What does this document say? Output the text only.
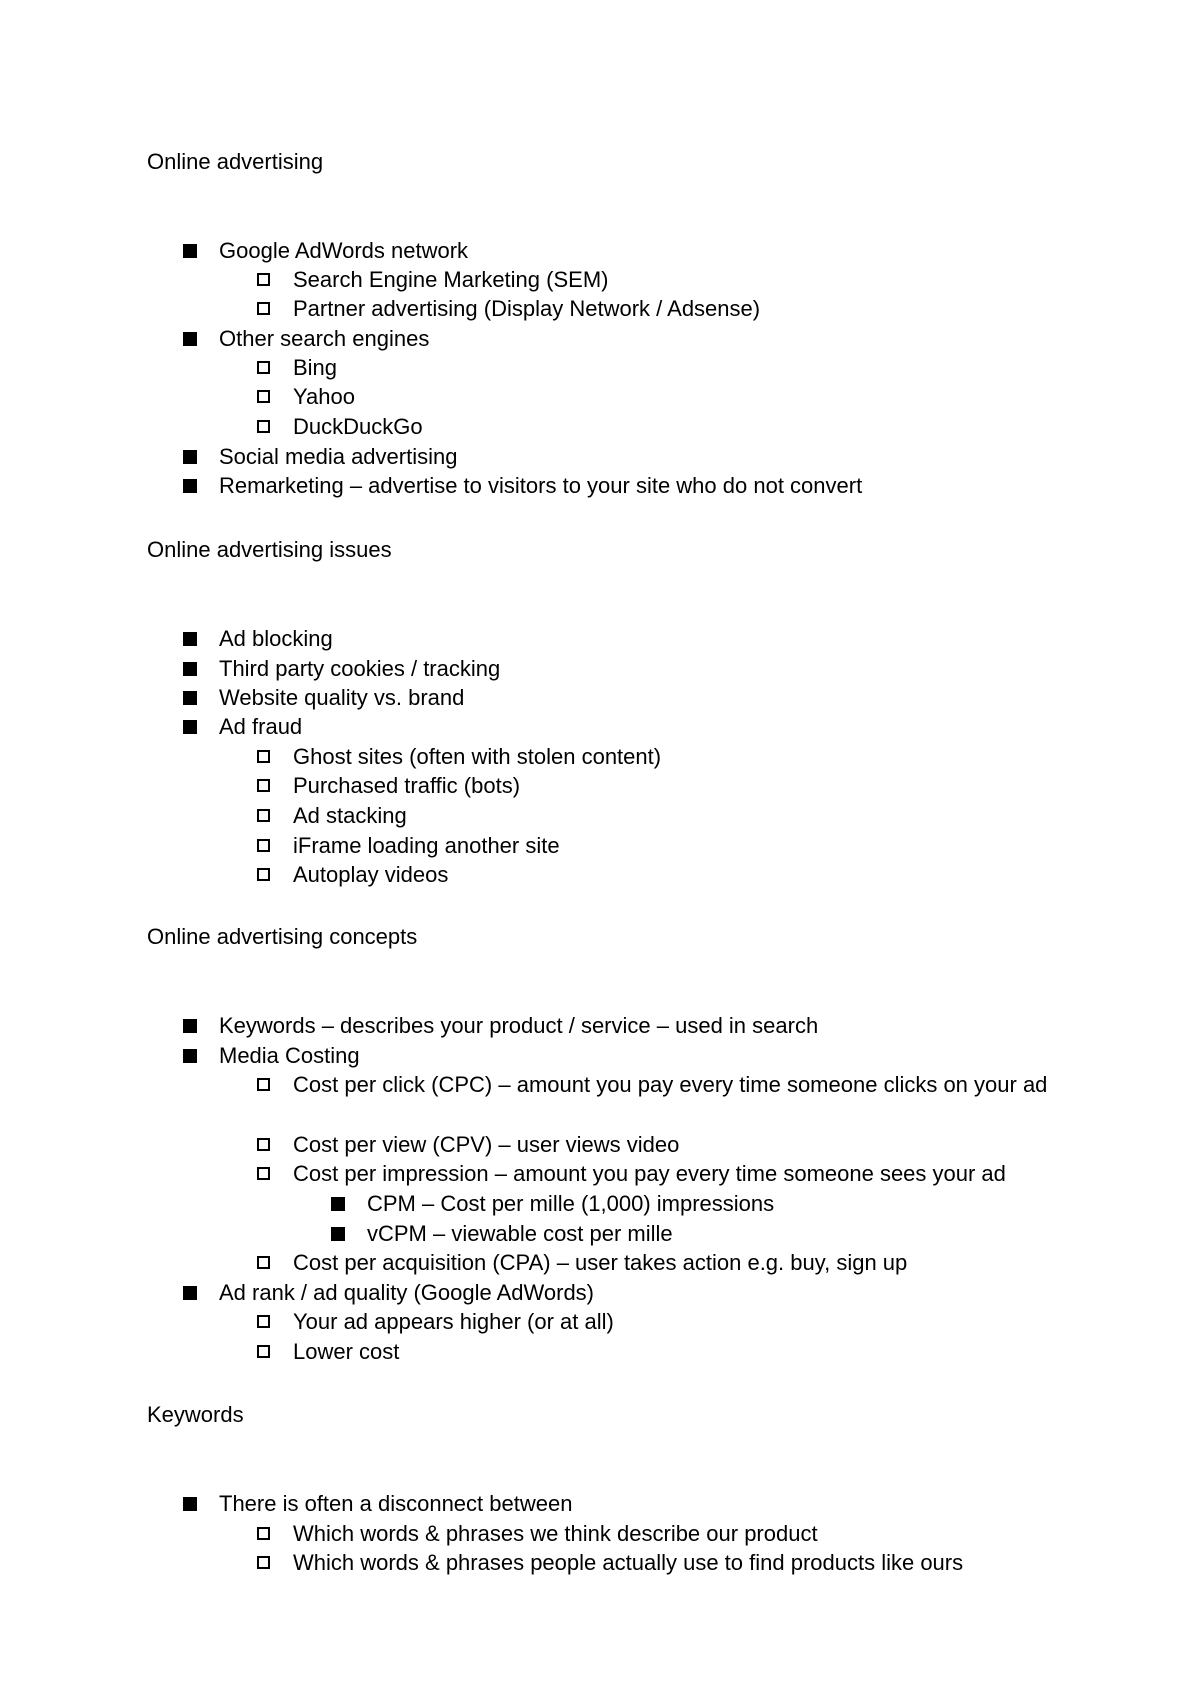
Online advertising
Google AdWords network
Search Engine Marketing (SEM)
Partner advertising (Display Network / Adsense)
Other search engines
Bing
Yahoo
DuckDuckGo
Social media advertising
Remarketing – advertise to visitors to your site who do not convert
Online advertising issues
Ad blocking
Third party cookies / tracking
Website quality vs. brand
Ad fraud
Ghost sites (often with stolen content)
Purchased traffic (bots)
Ad stacking
iFrame loading another site
Autoplay videos
Online advertising concepts
Keywords – describes your product / service – used in search
Media Costing
Cost per click (CPC) – amount you pay every time someone clicks on your ad
Cost per view (CPV) – user views video
Cost per impression – amount you pay every time someone sees your ad
CPM – Cost per mille (1,000) impressions
vCPM – viewable cost per mille
Cost per acquisition (CPA) – user takes action e.g. buy, sign up
Ad rank / ad quality (Google AdWords)
Your ad appears higher (or at all)
Lower cost
Keywords
There is often a disconnect between
Which words & phrases we think describe our product
Which words & phrases people actually use to find products like ours
